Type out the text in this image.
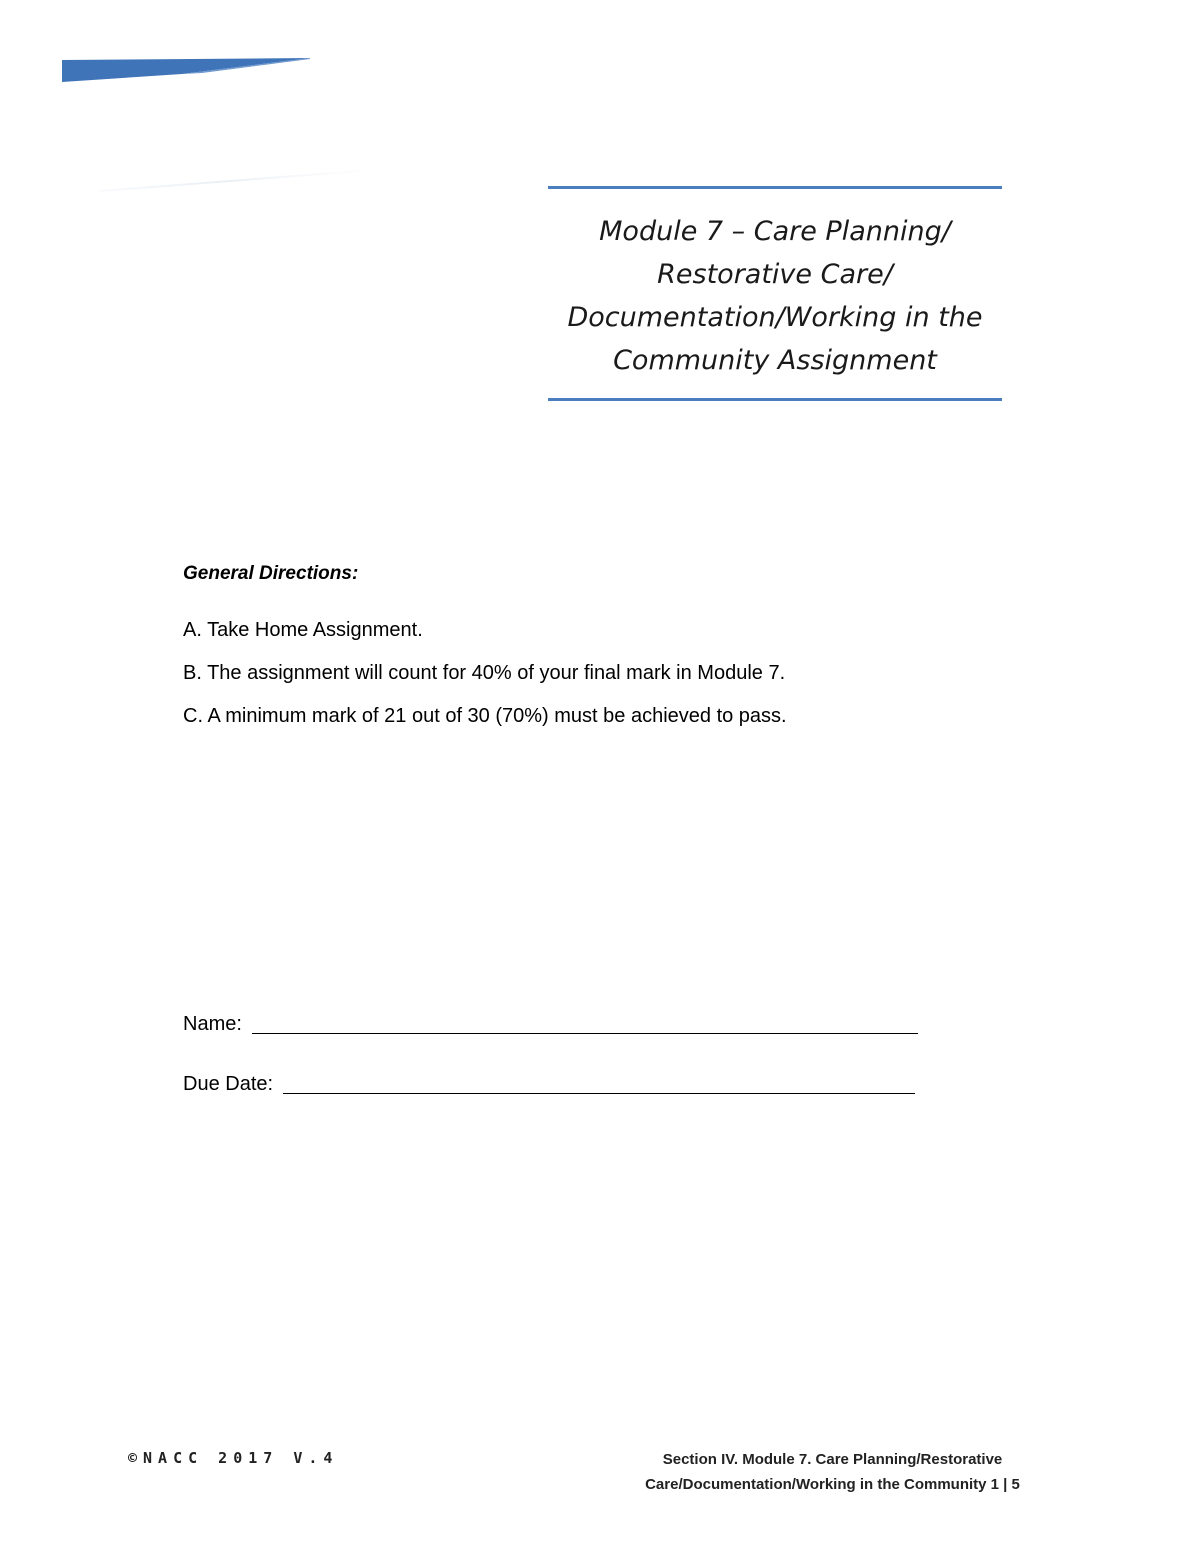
Module 7 – Care Planning/
Restorative Care/
Documentation/Working in the
Community Assignment
General Directions:
A. Take Home Assignment.
B. The assignment will count for 40% of your final mark in Module 7.
C. A minimum mark of 21 out of 30 (70%) must be achieved to pass.
Name:
Due Date:
©NACC 2017 V.4	Section IV. Module 7. Care Planning/Restorative
Care/Documentation/Working in the Community 1 | 5
